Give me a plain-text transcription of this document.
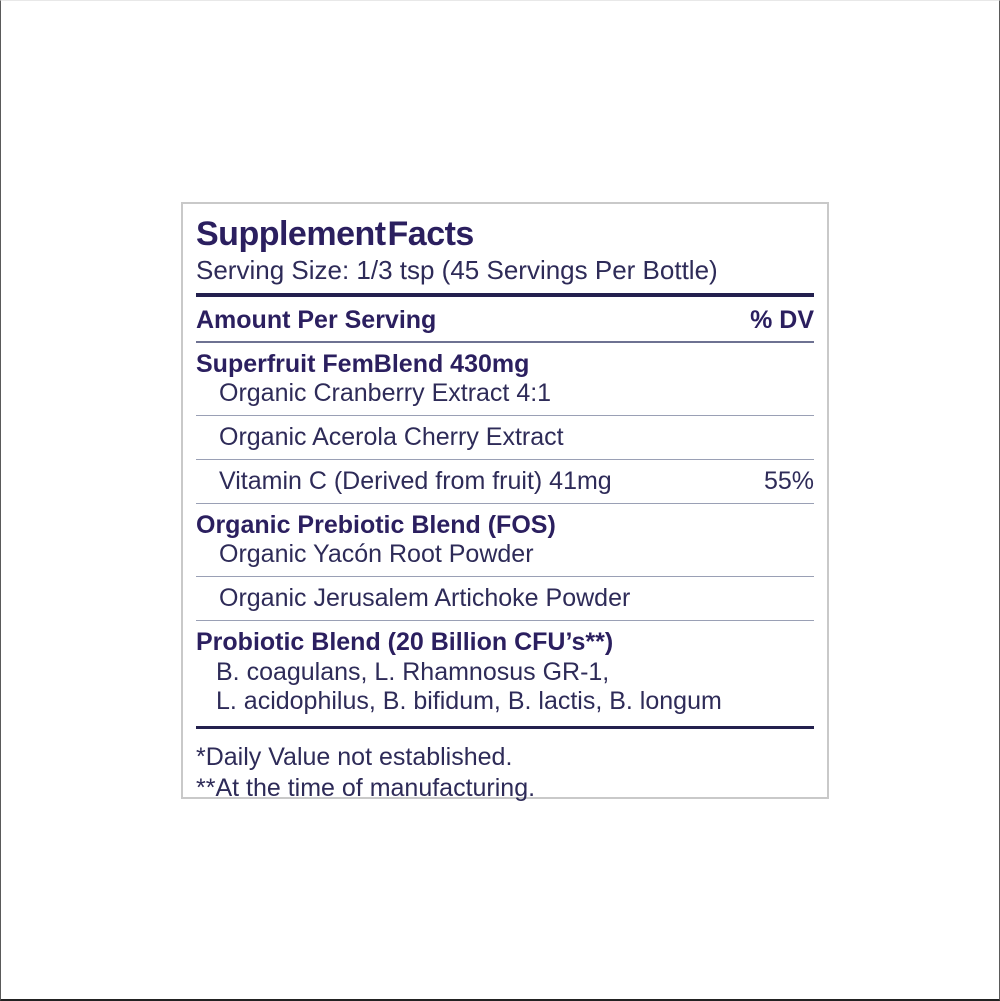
Supplement Facts
Serving Size: 1/3 tsp (45 Servings Per Bottle)
Amount Per Serving	% DV
Superfruit FemBlend 430mg
Organic Cranberry Extract 4:1
Organic Acerola Cherry Extract
Vitamin C (Derived from fruit) 41mg	55%
Organic Prebiotic Blend (FOS)
Organic Yacón Root Powder
Organic Jerusalem Artichoke Powder
Probiotic Blend (20 Billion CFU’s**)
B. coagulans, L. Rhamnosus GR-1,
L. acidophilus, B. bifidum, B. lactis, B. longum
*Daily Value not established.
**At the time of manufacturing.
